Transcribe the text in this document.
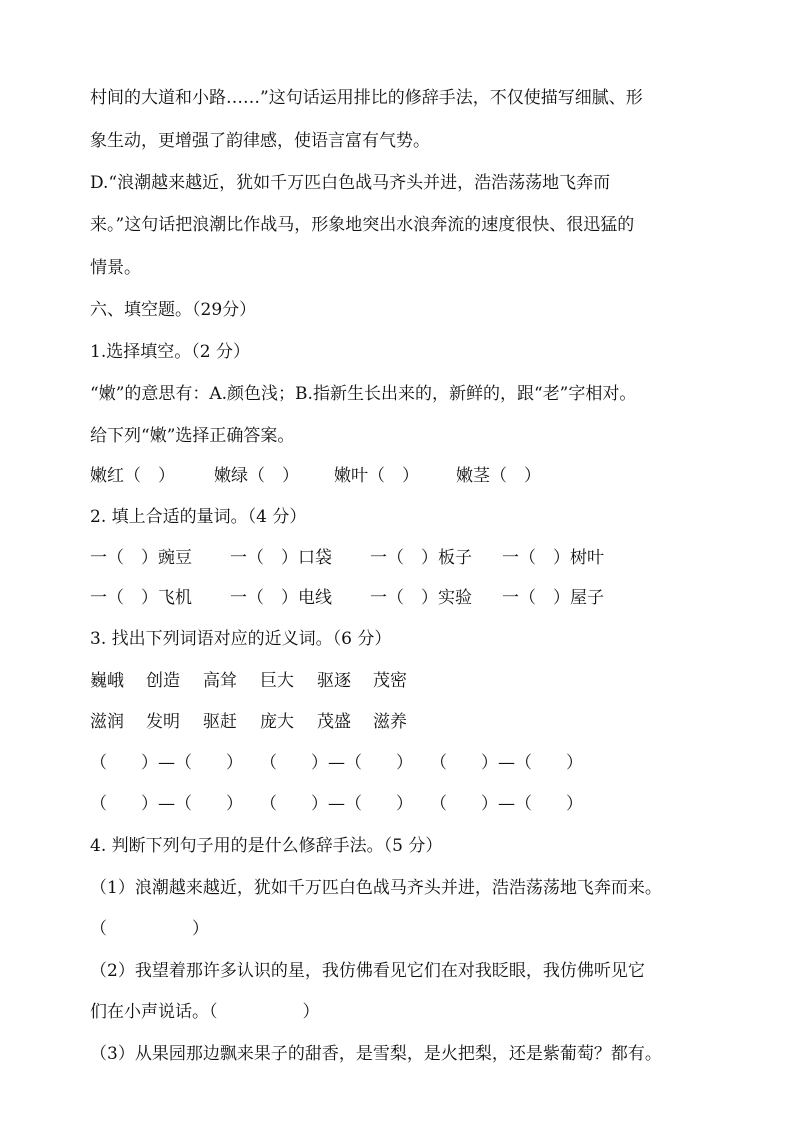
村间的大道和小路……”这句话运用排比的修辞手法，不仅使描写细腻、形
象生动，更增强了韵律感，使语言富有气势。
D.“浪潮越来越近，犹如千万匹白色战马齐头并进，浩浩荡荡地飞奔而
来。”这句话把浪潮比作战马，形象地突出水浪奔流的速度很快、很迅猛的
情景。
六、填空题。（29分）
1.选择填空。（2 分）
“嫩”的意思有：A.颜色浅；B.指新生长出来的，新鲜的，跟“老”字相对。
给下列“嫩”选择正确答案。
嫩红（　） 嫩绿（　） 嫩叶（　） 嫩茎（　）
2. 填上合适的量词。（4 分）
一（　）豌豆 一（　）口袋 一（　）板子 一（　）树叶
一（　）飞机 一（　）电线 一（　）实验 一（　）屋子
3. 找出下列词语对应的近义词。（6 分）
巍峨 创造 高耸 巨大 驱逐 茂密
滋润 发明 驱赶 庞大 茂盛 滋养
（　　）—（　　） （　　）—（　　） （　　）—（　　）
（　　）—（　　） （　　）—（　　） （　　）—（　　）
4. 判断下列句子用的是什么修辞手法。（5 分）
（1）浪潮越来越近，犹如千万匹白色战马齐头并进，浩浩荡荡地飞奔而来。
（　　　　　）
（2）我望着那许多认识的星，我仿佛看见它们在对我眨眼，我仿佛听见它
们在小声说话。（　　　　　）
（3）从果园那边飘来果子的甜香，是雪梨，是火把梨，还是紫葡萄？都有。
